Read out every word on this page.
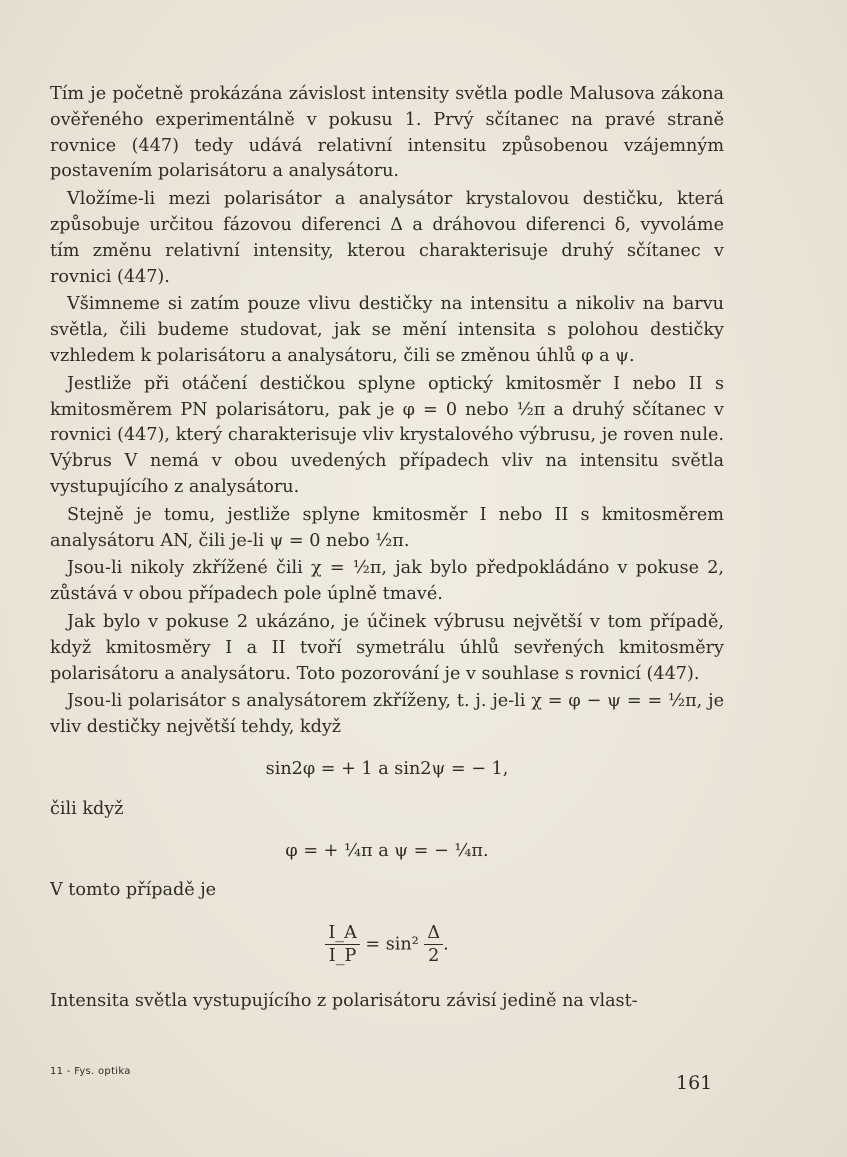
Tím je početně prokázána závislost intensity světla podle Malusova zákona ověřeného experimentálně v pokusu 1. Prvý sčítanec na pravé straně rovnice (447) tedy udává relativní intensitu způsobenou vzájemným postavením polarisátoru a analysátoru.

Vložíme-li mezi polarisátor a analysátor krystalovou destičku, která způsobuje určitou fázovou diferenci Δ a dráhovou diferenci δ, vyvoláme tím změnu relativní intensity, kterou charakterisuje druhý sčítanec v rovnici (447).

Všimneme si zatím pouze vlivu destičky na intensitu a nikoliv na barvu světla, čili budeme studovat, jak se mění intensita s polohou destičky vzhledem k polarisátoru a analysátoru, čili se změnou úhlů φ a ψ.

Jestliže při otáčení destičkou splyne optický kmitosměr I nebo II s kmitosměrem PN polarisátoru, pak je φ = 0 nebo ½π a druhý sčítanec v rovnici (447), který charakterisuje vliv krystalového výbrusu, je roven nule. Výbrus V nemá v obou uvedených případech vliv na intensitu světla vystupujícího z analysátoru.

Stejně je tomu, jestliže splyne kmitosměr I nebo II s kmitosměrem analysátoru AN, čili je-li ψ = 0 nebo ½π.

Jsou-li nikoly zkřížené čili χ = ½π, jak bylo předpokládáno v pokuse 2, zůstává v obou případech pole úplně tmavé.

Jak bylo v pokuse 2 ukázáno, je účinek výbrusu největší v tom případě, když kmitosměry I a II tvoří symetrálu úhlů sevřených kmitosměry polarisátoru a analysátoru. Toto pozorování je v souhlase s rovnicí (447).

Jsou-li polarisátor s analysátorem zkříženy, t. j. je-li χ = φ − ψ = = ½π, je vliv destičky největší tehdy, když

sin2φ = + 1 a sin2ψ = − 1,

čili když

φ = + ¼π a ψ = − ¼π.

V tomto případě je

$\frac{I\_A}{I\_P} = \sin^2 \frac{\Delta}{2}$ .

Intensita světla vystupujícího z polarisátoru závisí jedině na vlast-

11 - Fys. optika
161
